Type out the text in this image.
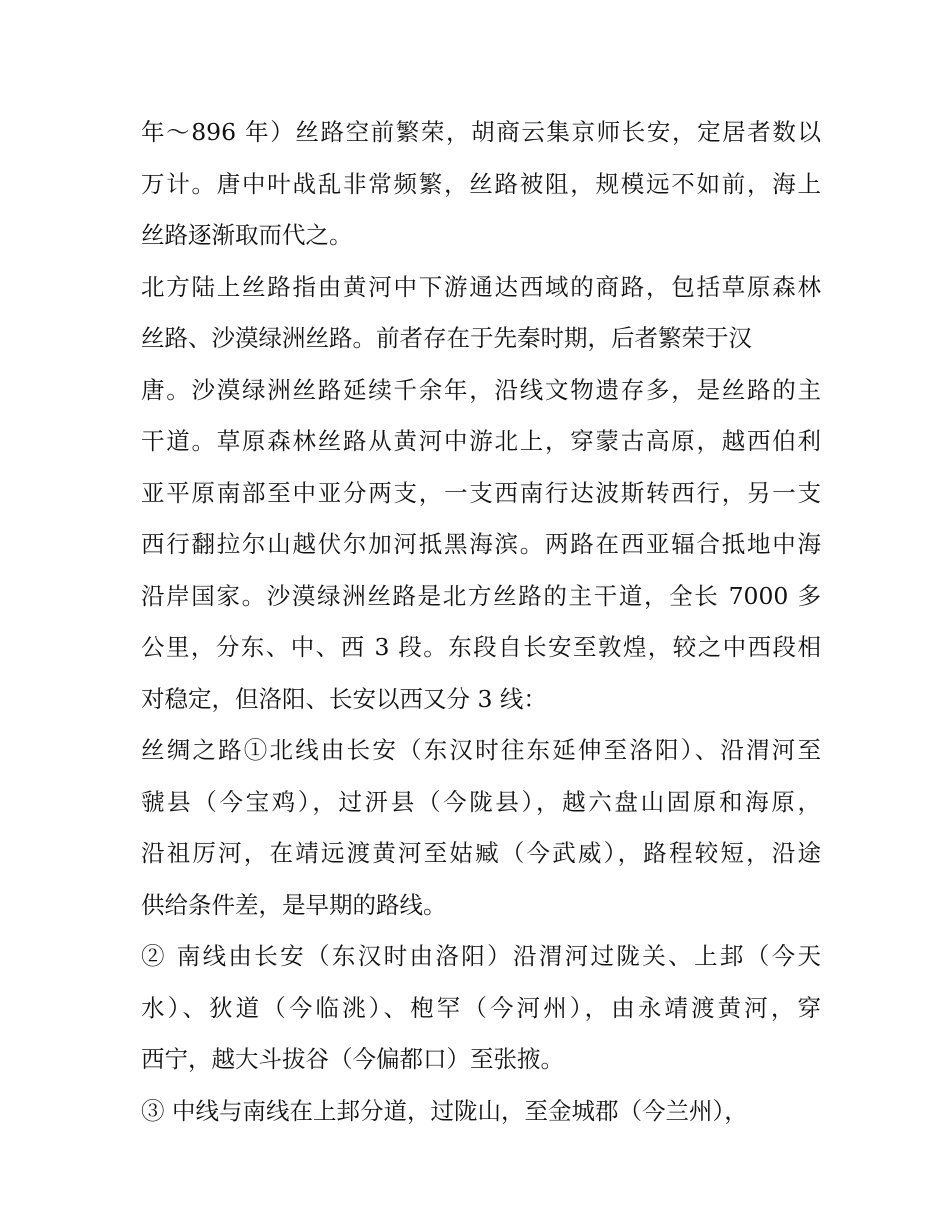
年～896 年）丝路空前繁荣，胡商云集京师长安，定居者数以
万计。唐中叶战乱非常频繁，丝路被阻，规模远不如前，海上
丝路逐渐取而代之。
北方陆上丝路指由黄河中下游通达西域的商路，包括草原森林
丝路、沙漠绿洲丝路。前者存在于先秦时期，后者繁荣于汉
唐。沙漠绿洲丝路延续千余年，沿线文物遗存多，是丝路的主
干道。草原森林丝路从黄河中游北上，穿蒙古高原，越西伯利
亚平原南部至中亚分两支，一支西南行达波斯转西行，另一支
西行翻拉尔山越伏尔加河抵黑海滨。两路在西亚辐合抵地中海
沿岸国家。沙漠绿洲丝路是北方丝路的主干道，全长 7000 多
公里，分东、中、西 3 段。东段自长安至敦煌，较之中西段相
对稳定，但洛阳、长安以西又分 3 线：
丝绸之路①北线由长安（东汉时往东延伸至洛阳）、沿渭河至
虢县（今宝鸡），过汧县（今陇县），越六盘山固原和海原，
沿祖厉河，在靖远渡黄河至姑臧（今武威），路程较短，沿途
供给条件差，是早期的路线。
② 南线由长安（东汉时由洛阳）沿渭河过陇关、上邽（今天
水）、狄道（今临洮）、枹罕（今河州），由永靖渡黄河，穿
西宁，越大斗拔谷（今偏都口）至张掖。
③ 中线与南线在上邽分道，过陇山，至金城郡（今兰州），
